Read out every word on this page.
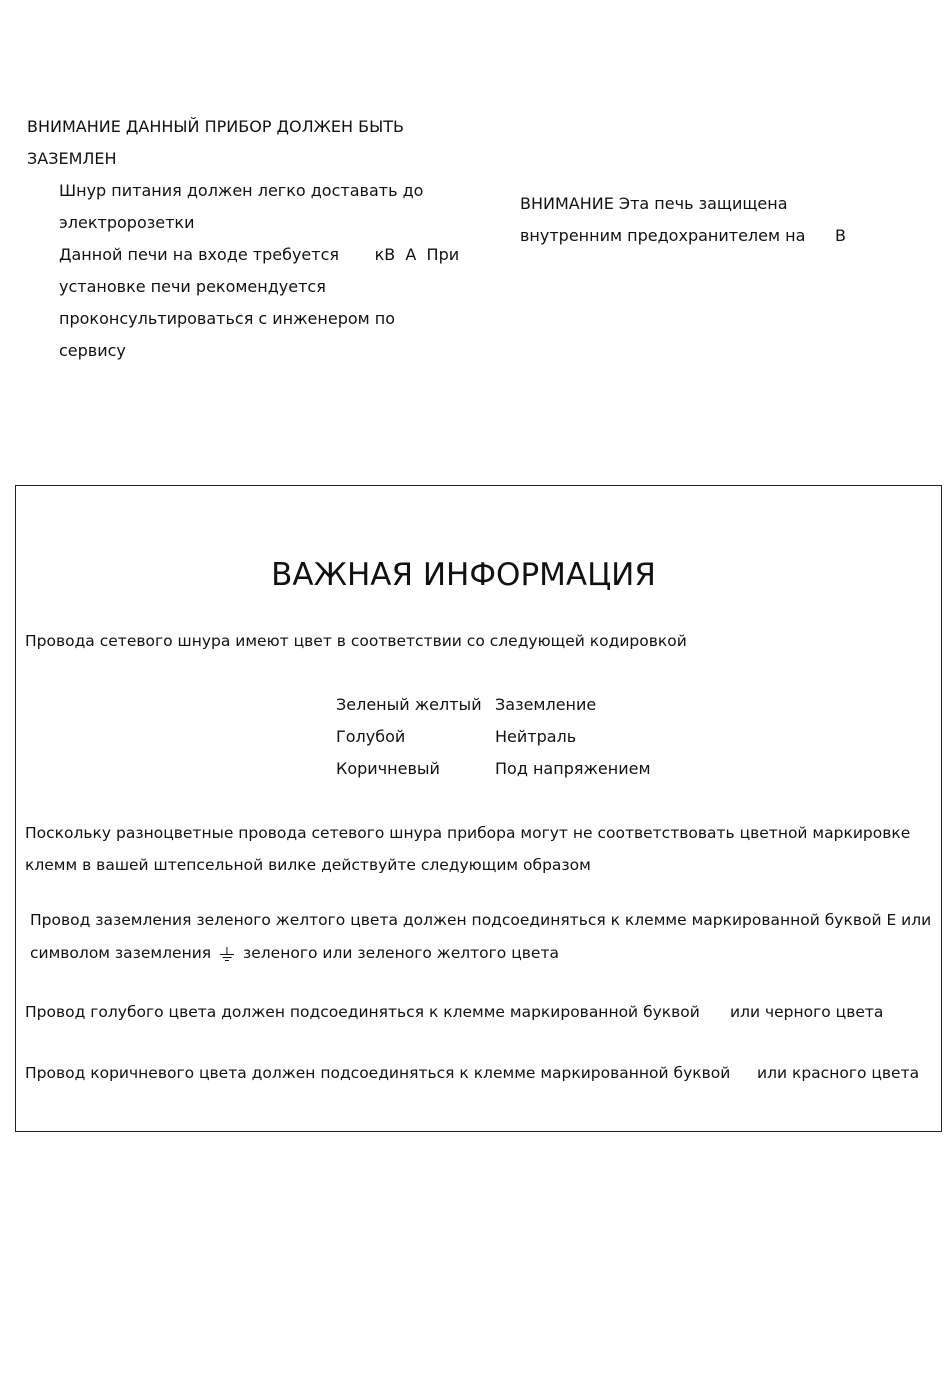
ВНИМАНИЕ ДАННЫЙ ПРИБОР ДОЛЖЕН БЫТЬ
ЗАЗЕМЛЕН
Шнур питания должен легко доставать до
электророзетки
Данной печи на входе требуется       кВ  А  При
установке печи рекомендуется
проконсультироваться с инженером по
сервису
ВНИМАНИЕ Эта печь защищена
внутренним предохранителем на В
ВАЖНАЯ ИНФОРМАЦИЯ
Провода сетевого шнура имеют цвет в соответствии со следующей кодировкой
Зеленый желтый Заземление
Голубой	Нейтраль
Коричневый	Под напряжением
Поскольку разноцветные провода сетевого шнура прибора могут не соответствовать цветной маркировке
клемм в вашей штепсельной вилке действуйте следующим образом
Провод заземления зеленого желтого цвета должен подсоединяться к клемме маркированной буквой E или
символом заземления зеленого или зеленого желтого цвета
Провод голубого цвета должен подсоединяться к клемме маркированной буквой или черного цвета
Провод коричневого цвета должен подсоединяться к клемме маркированной буквой или красного цвета
